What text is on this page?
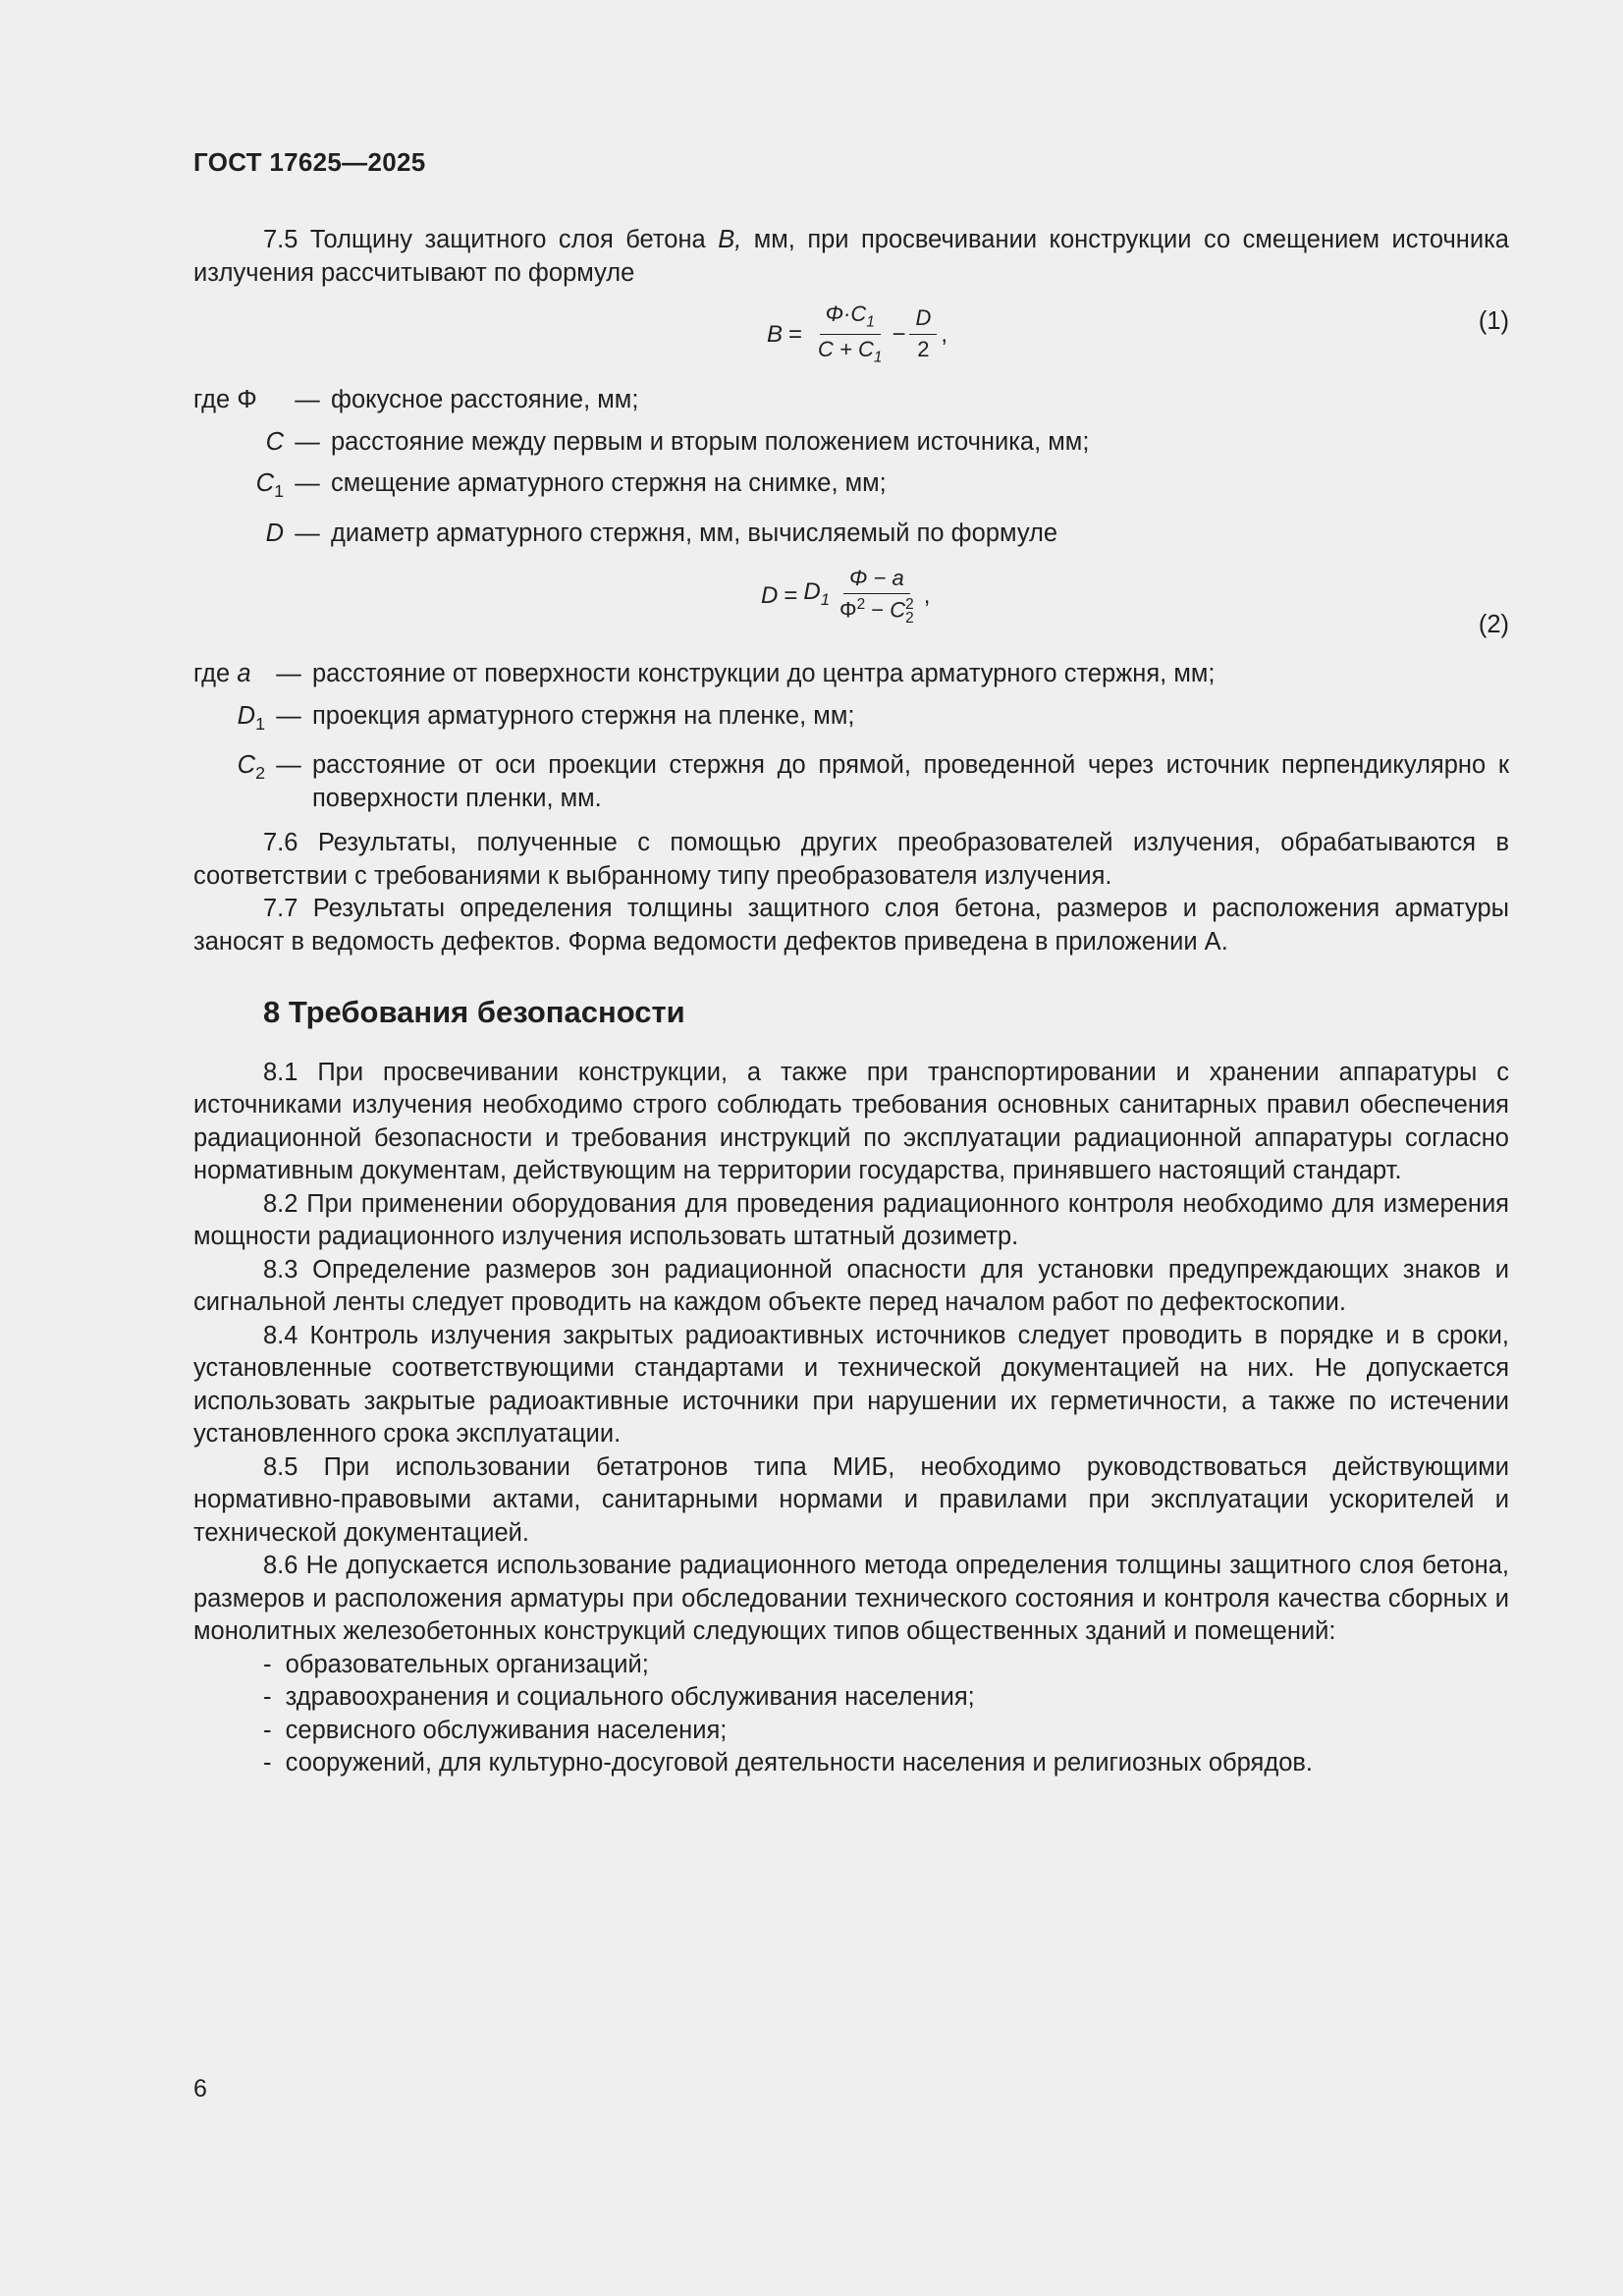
ГОСТ 17625—2025

7.5 Толщину защитного слоя бетона B, мм, при просвечивании конструкции со смещением источника излучения рассчитывают по формуле

$B = \frac{\Phi\cdot C_1}{C + C_1} - \frac{D}{2}$ ,	(1)
где Φ	— фокусное расстояние, мм;
C — расстояние между первым и вторым положением источника, мм;
$C_1$ — смещение арматурного стержня на снимке, мм;
D — диаметр арматурного стержня, мм, вычисляемый по формуле
$D = D_1$ Φ − a
$\Phi^2 - C$ 2
2 ,
(2)
где a	— расстояние от поверхности конструкции до центра арматурного стержня, мм;
$D_1$ — проекция арматурного стержня на пленке, мм;
$C_2$ — расстояние от оси проекции стержня до прямой, проведенной через источник перпендикулярно к поверхности пленки, мм.

7.6 Результаты, полученные с помощью других преобразователей излучения, обрабатываются в соответствии с требованиями к выбранному типу преобразователя излучения.

7.7 Результаты определения толщины защитного слоя бетона, размеров и расположения арматуры заносят в ведомость дефектов. Форма ведомости дефектов приведена в приложении А.

8 Требования безопасности

8.1 При просвечивании конструкции, а также при транспортировании и хранении аппаратуры с источниками излучения необходимо строго соблюдать требования основных санитарных правил обеспечения радиационной безопасности и требования инструкций по эксплуатации радиационной аппаратуры согласно нормативным документам, действующим на территории государства, принявшего настоящий стандарт.

8.2 При применении оборудования для проведения радиационного контроля необходимо для измерения мощности радиационного излучения использовать штатный дозиметр.

8.3 Определение размеров зон радиационной опасности для установки предупреждающих знаков и сигнальной ленты следует проводить на каждом объекте перед началом работ по дефектоскопии.

8.4 Контроль излучения закрытых радиоактивных источников следует проводить в порядке и в сроки, установленные соответствующими стандартами и технической документацией на них. Не допускается использовать закрытые радиоактивные источники при нарушении их герметичности, а также по истечении установленного срока эксплуатации.

8.5 При использовании бетатронов типа МИБ, необходимо руководствоваться действующими нормативно-правовыми актами, санитарными нормами и правилами при эксплуатации ускорителей и технической документацией.

8.6 Не допускается использование радиационного метода определения толщины защитного слоя бетона, размеров и расположения арматуры при обследовании технического состояния и контроля качества сборных и монолитных железобетонных конструкций следующих типов общественных зданий и помещений:

- образовательных организаций;
- здравоохранения и социального обслуживания населения;
- сервисного обслуживания населения;
- сооружений, для культурно-досуговой деятельности населения и религиозных обрядов.
6
